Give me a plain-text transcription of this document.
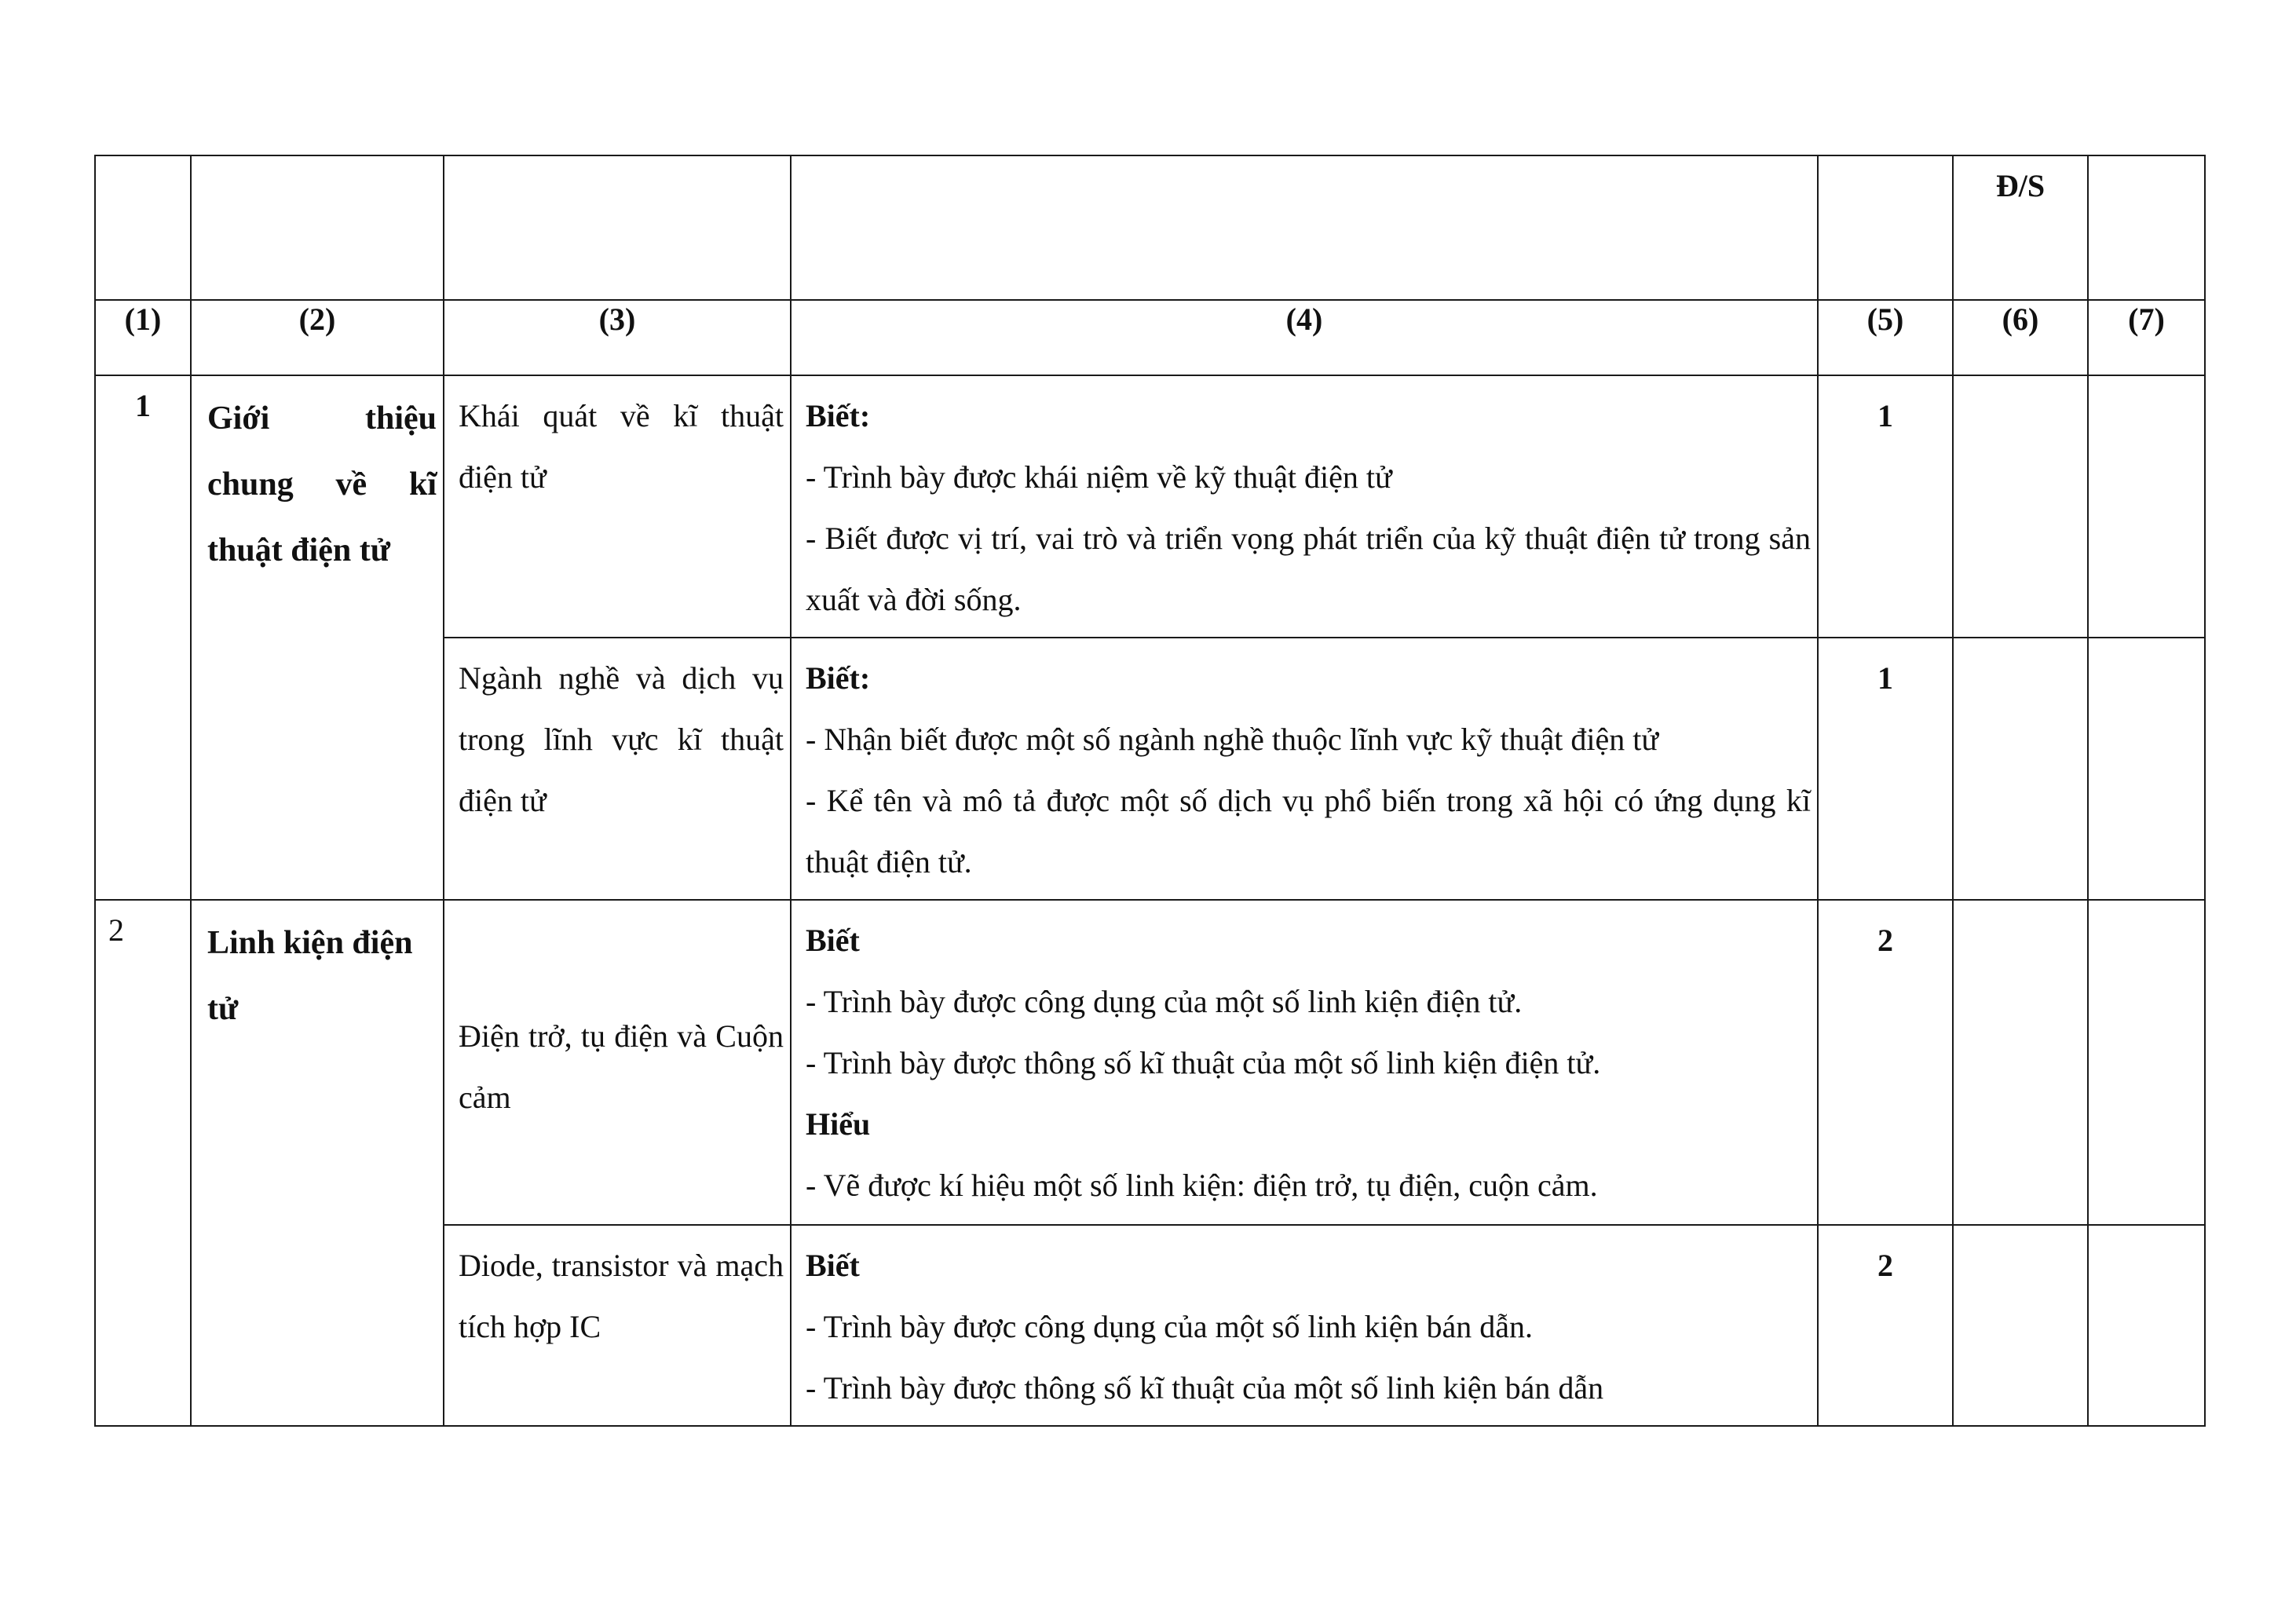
					Đ/S	
(1)	(2)	(3)	(4)	(5)	(6)	(7)
1	Giới thiệu chung về kĩ thuật điện tử	Khái quát về kĩ thuật điện tử	Biết:
- Trình bày được khái niệm về kỹ thuật điện tử
- Biết được vị trí, vai trò và triển vọng phát triển của kỹ thuật điện tử trong sản xuất và đời sống.	1		
		Ngành nghề và dịch vụ trong lĩnh vực kĩ thuật điện tử	Biết:
- Nhận biết được một số ngành nghề thuộc lĩnh vực kỹ thuật điện tử
- Kể tên và mô tả được một số dịch vụ phổ biến trong xã hội có ứng dụng kĩ thuật điện tử.	1		
2	Linh kiện điện tử	Điện trở, tụ điện và Cuộn cảm	Biết
- Trình bày được công dụng của một số linh kiện điện tử.
- Trình bày được thông số kĩ thuật của một số linh kiện điện tử.
Hiểu
- Vẽ được kí hiệu một số linh kiện: điện trở, tụ điện, cuộn cảm.	2		
		Diode, transistor và mạch tích hợp IC	Biết
- Trình bày được công dụng của một số linh kiện bán dẫn.
- Trình bày được thông số kĩ thuật của một số linh kiện bán dẫn	2		
